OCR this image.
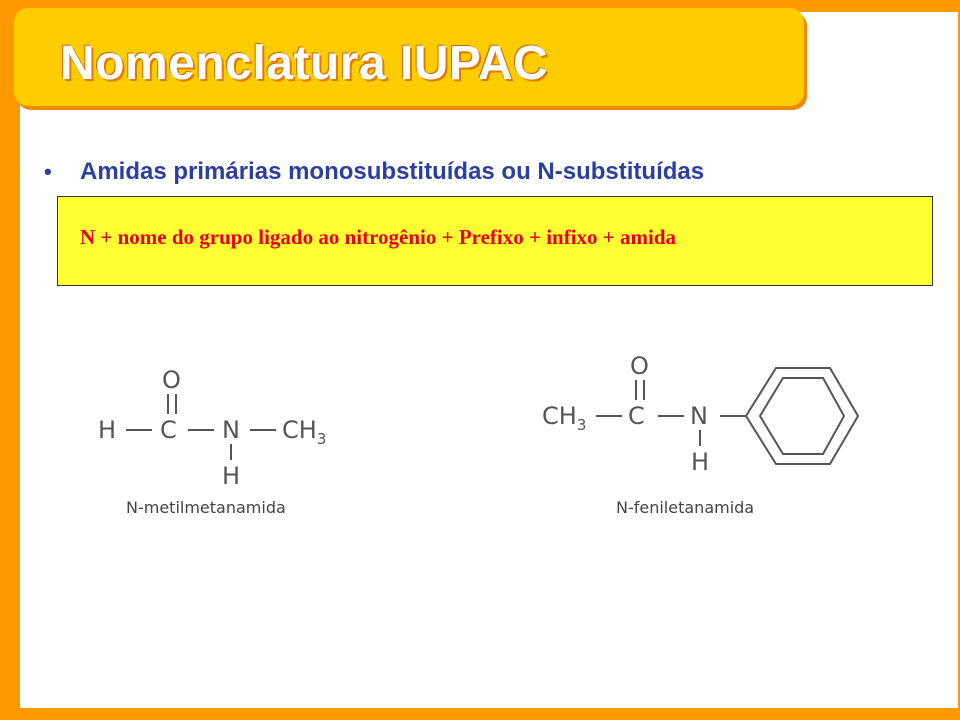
Nomenclatura IUPAC
•	Amidas primárias monosubstituídas ou N-substituídas
N + nome do grupo ligado ao nitrogênio + Prefixo + infixo + amida
O
H C N $CH_3$
H
N-metilmetanamida
O
$CH_3$ C N
H
N-feniletanamida
